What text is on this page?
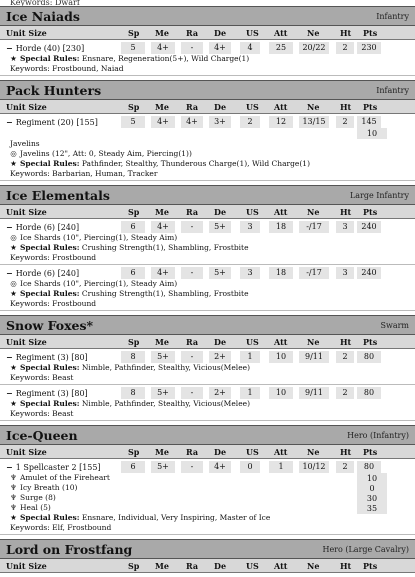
Keywords: Dwarf
Ice Naiads	Infantry
Unit Size	Sp Me Ra De US Att Ne	Ht Pts
− Horde (40) [230]	5	4+	-	4+	4	25	20/22	2	230
★ Special Rules: Ensnare, Regeneration(5+), Wild Charge(1)
Keywords: Frostbound, Naiad
Pack Hunters	Infantry
Unit Size	Sp Me Ra De US Att Ne	Ht Pts
− Regiment (20) [155]	5	4+	4+	3+	2	12	13/15	2	145
10
Javelins
◎ Javelins (12", Att: 0, Steady Aim, Piercing(1))
★ Special Rules: Pathfinder, Stealthy, Thunderous Charge(1), Wild Charge(1)
Keywords: Barbarian, Human, Tracker
Ice Elementals	Large Infantry
Unit Size	Sp Me Ra De US Att Ne	Ht Pts
− Horde (6) [240]	6	4+	-	5+	3	18	-/17	3	240
◎ Ice Shards (10", Piercing(1), Steady Aim)
★ Special Rules: Crushing Strength(1), Shambling, Frostbite
Keywords: Frostbound
− Horde (6) [240]	6	4+	-	5+	3	18	-/17	3	240
◎ Ice Shards (10", Piercing(1), Steady Aim)
★ Special Rules: Crushing Strength(1), Shambling, Frostbite
Keywords: Frostbound
Snow Foxes*	Swarm
Unit Size	Sp Me Ra De US Att Ne	Ht Pts
− Regiment (3) [80]	8	5+	-	2+	1	10	9/11	2	80
★ Special Rules: Nimble, Pathfinder, Stealthy, Vicious(Melee)
Keywords: Beast
− Regiment (3) [80]	8	5+	-	2+	1	10	9/11	2	80
★ Special Rules: Nimble, Pathfinder, Stealthy, Vicious(Melee)
Keywords: Beast
Ice-Queen	Hero (Infantry)
Unit Size	Sp Me Ra De US Att Ne	Ht Pts
− 1 Spellcaster 2 [155]	6	5+	-	4+	0	1	10/12	2	80
♆ Amulet of the Fireheart	10
♆ Icy Breath (10)	0
♆ Surge (8)	30
♆ Heal (5)	35
★ Special Rules: Ensnare, Individual, Very Inspiring, Master of Ice
Keywords: Elf, Frostbound
Lord on Frostfang	Hero (Large Cavalry)
Unit Size	Sp Me Ra De US Att Ne	Ht Pts
